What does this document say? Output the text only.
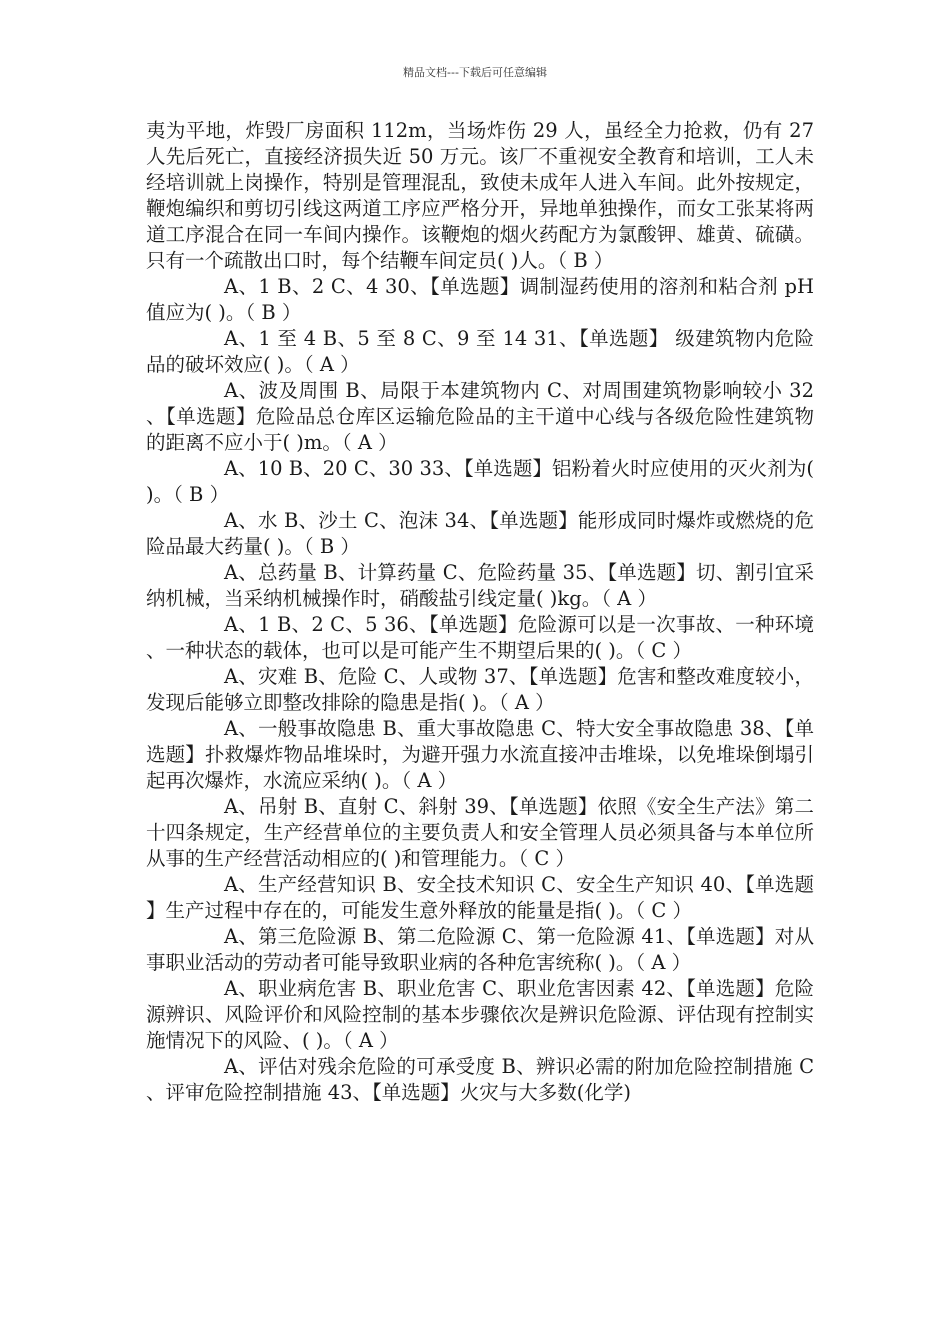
精品文档---下载后可任意编辑

夷为平地，炸毁厂房面积 112m，当场炸伤 29 人，虽经全力抢救，仍有 27 人先后死亡，直接经济损失近 50 万元。该厂不重视安全教育和培训，工人未经培训就上岗操作，特别是管理混乱，致使未成年人进入车间。此外按规定，鞭炮编织和剪切引线这两道工序应严格分开，异地单独操作，而女工张某将两道工序混合在同一车间内操作。该鞭炮的烟火药配方为氯酸钾、雄黄、硫磺。只有一个疏散出口时，每个结鞭车间定员( )人。（ B ）

A、1 B、2 C、4 30、【单选题】调制湿药使用的溶剂和粘合剂 pH 值应为( )。（ B ）

A、1 至 4 B、5 至 8 C、9 至 14 31、【单选题】 级建筑物内危险品的破坏效应( )。（ A ）

A、波及周围 B、局限于本建筑物内 C、对周围建筑物影响较小 32、【单选题】危险品总仓库区运输危险品的主干道中心线与各级危险性建筑物的距离不应小于( )m。（ A ）

A、10 B、20 C、30 33、【单选题】铝粉着火时应使用的灭火剂为( )。（ B ）

A、水 B、沙土 C、泡沫 34、【单选题】能形成同时爆炸或燃烧的危险品最大药量( )。（ B ）

A、总药量 B、计算药量 C、危险药量 35、【单选题】切、割引宜采纳机械，当采纳机械操作时，硝酸盐引线定量( )kg。（ A ）

A、1 B、2 C、5 36、【单选题】危险源可以是一次事故、一种环境、一种状态的载体，也可以是可能产生不期望后果的( )。（ C ）

A、灾难 B、危险 C、人或物 37、【单选题】危害和整改难度较小，发现后能够立即整改排除的隐患是指( )。（ A ）

A、一般事故隐患 B、重大事故隐患 C、特大安全事故隐患 38、【单选题】扑救爆炸物品堆垛时，为避开强力水流直接冲击堆垛，以免堆垛倒塌引起再次爆炸，水流应采纳( )。（ A ）

A、吊射 B、直射 C、斜射 39、【单选题】依照《安全生产法》第二十四条规定，生产经营单位的主要负责人和安全管理人员必须具备与本单位所从事的生产经营活动相应的( )和管理能力。（ C ）

A、生产经营知识 B、安全技术知识 C、安全生产知识 40、【单选题】生产过程中存在的，可能发生意外释放的能量是指( )。（ C ）

A、第三危险源 B、第二危险源 C、第一危险源 41、【单选题】对从事职业活动的劳动者可能导致职业病的各种危害统称( )。（ A ）

A、职业病危害 B、职业危害 C、职业危害因素 42、【单选题】危险源辨识、风险评价和风险控制的基本步骤依次是辨识危险源、评估现有控制实施情况下的风险、( )。（ A ）

A、评估对残余危险的可承受度 B、辨识必需的附加危险控制措施 C、评审危险控制措施 43、【单选题】火灾与大多数(化学)
